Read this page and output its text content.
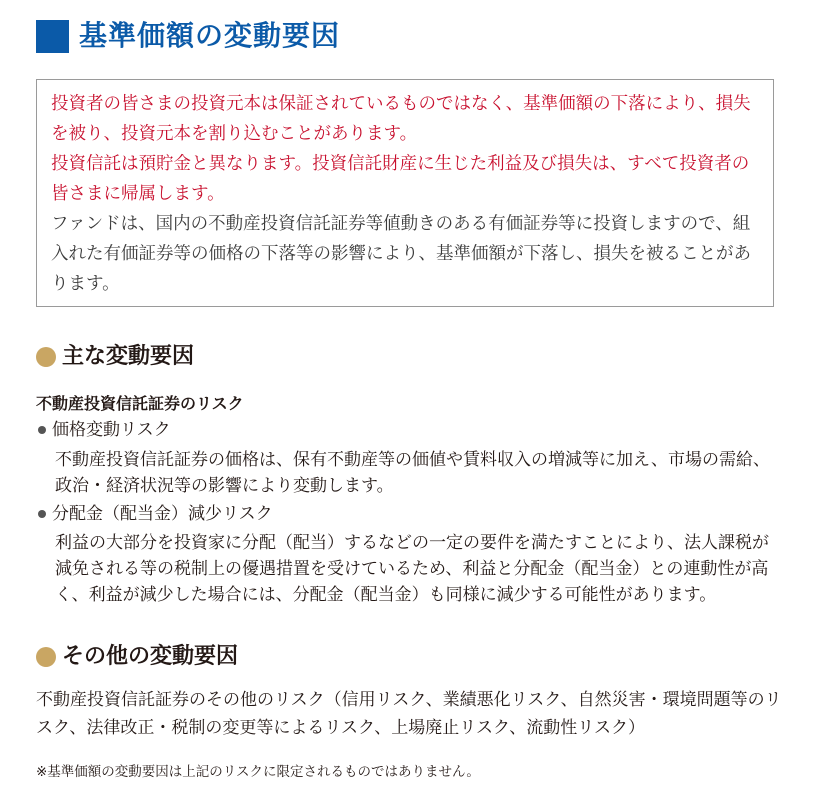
基準価額の変動要因

投資者の皆さまの投資元本は保証されているものではなく、基準価額の下落により、損失を被り、投資元本を割り込むことがあります。

投資信託は預貯金と異なります。投資信託財産に生じた利益及び損失は、すべて投資者の皆さまに帰属します。

ファンドは、国内の不動産投資信託証券等値動きのある有価証券等に投資しますので、組入れた有価証券等の価格の下落等の影響により、基準価額が下落し、損失を被ることがあります。

主な変動要因
不動産投資信託証券のリスク
価格変動リスク

不動産投資信託証券の価格は、保有不動産等の価値や賃料収入の増減等に加え、市場の需給、政治・経済状況等の影響により変動します。

分配金（配当金）減少リスク

利益の大部分を投資家に分配（配当）するなどの一定の要件を満たすことにより、法人課税が減免される等の税制上の優遇措置を受けているため、利益と分配金（配当金）との連動性が高く、利益が減少した場合には、分配金（配当金）も同様に減少する可能性があります。

その他の変動要因

不動産投資信託証券のその他のリスク（信用リスク、業績悪化リスク、自然災害・環境問題等のリスク、法律改正・税制の変更等によるリスク、上場廃止リスク、流動性リスク）

※基準価額の変動要因は上記のリスクに限定されるものではありません。
